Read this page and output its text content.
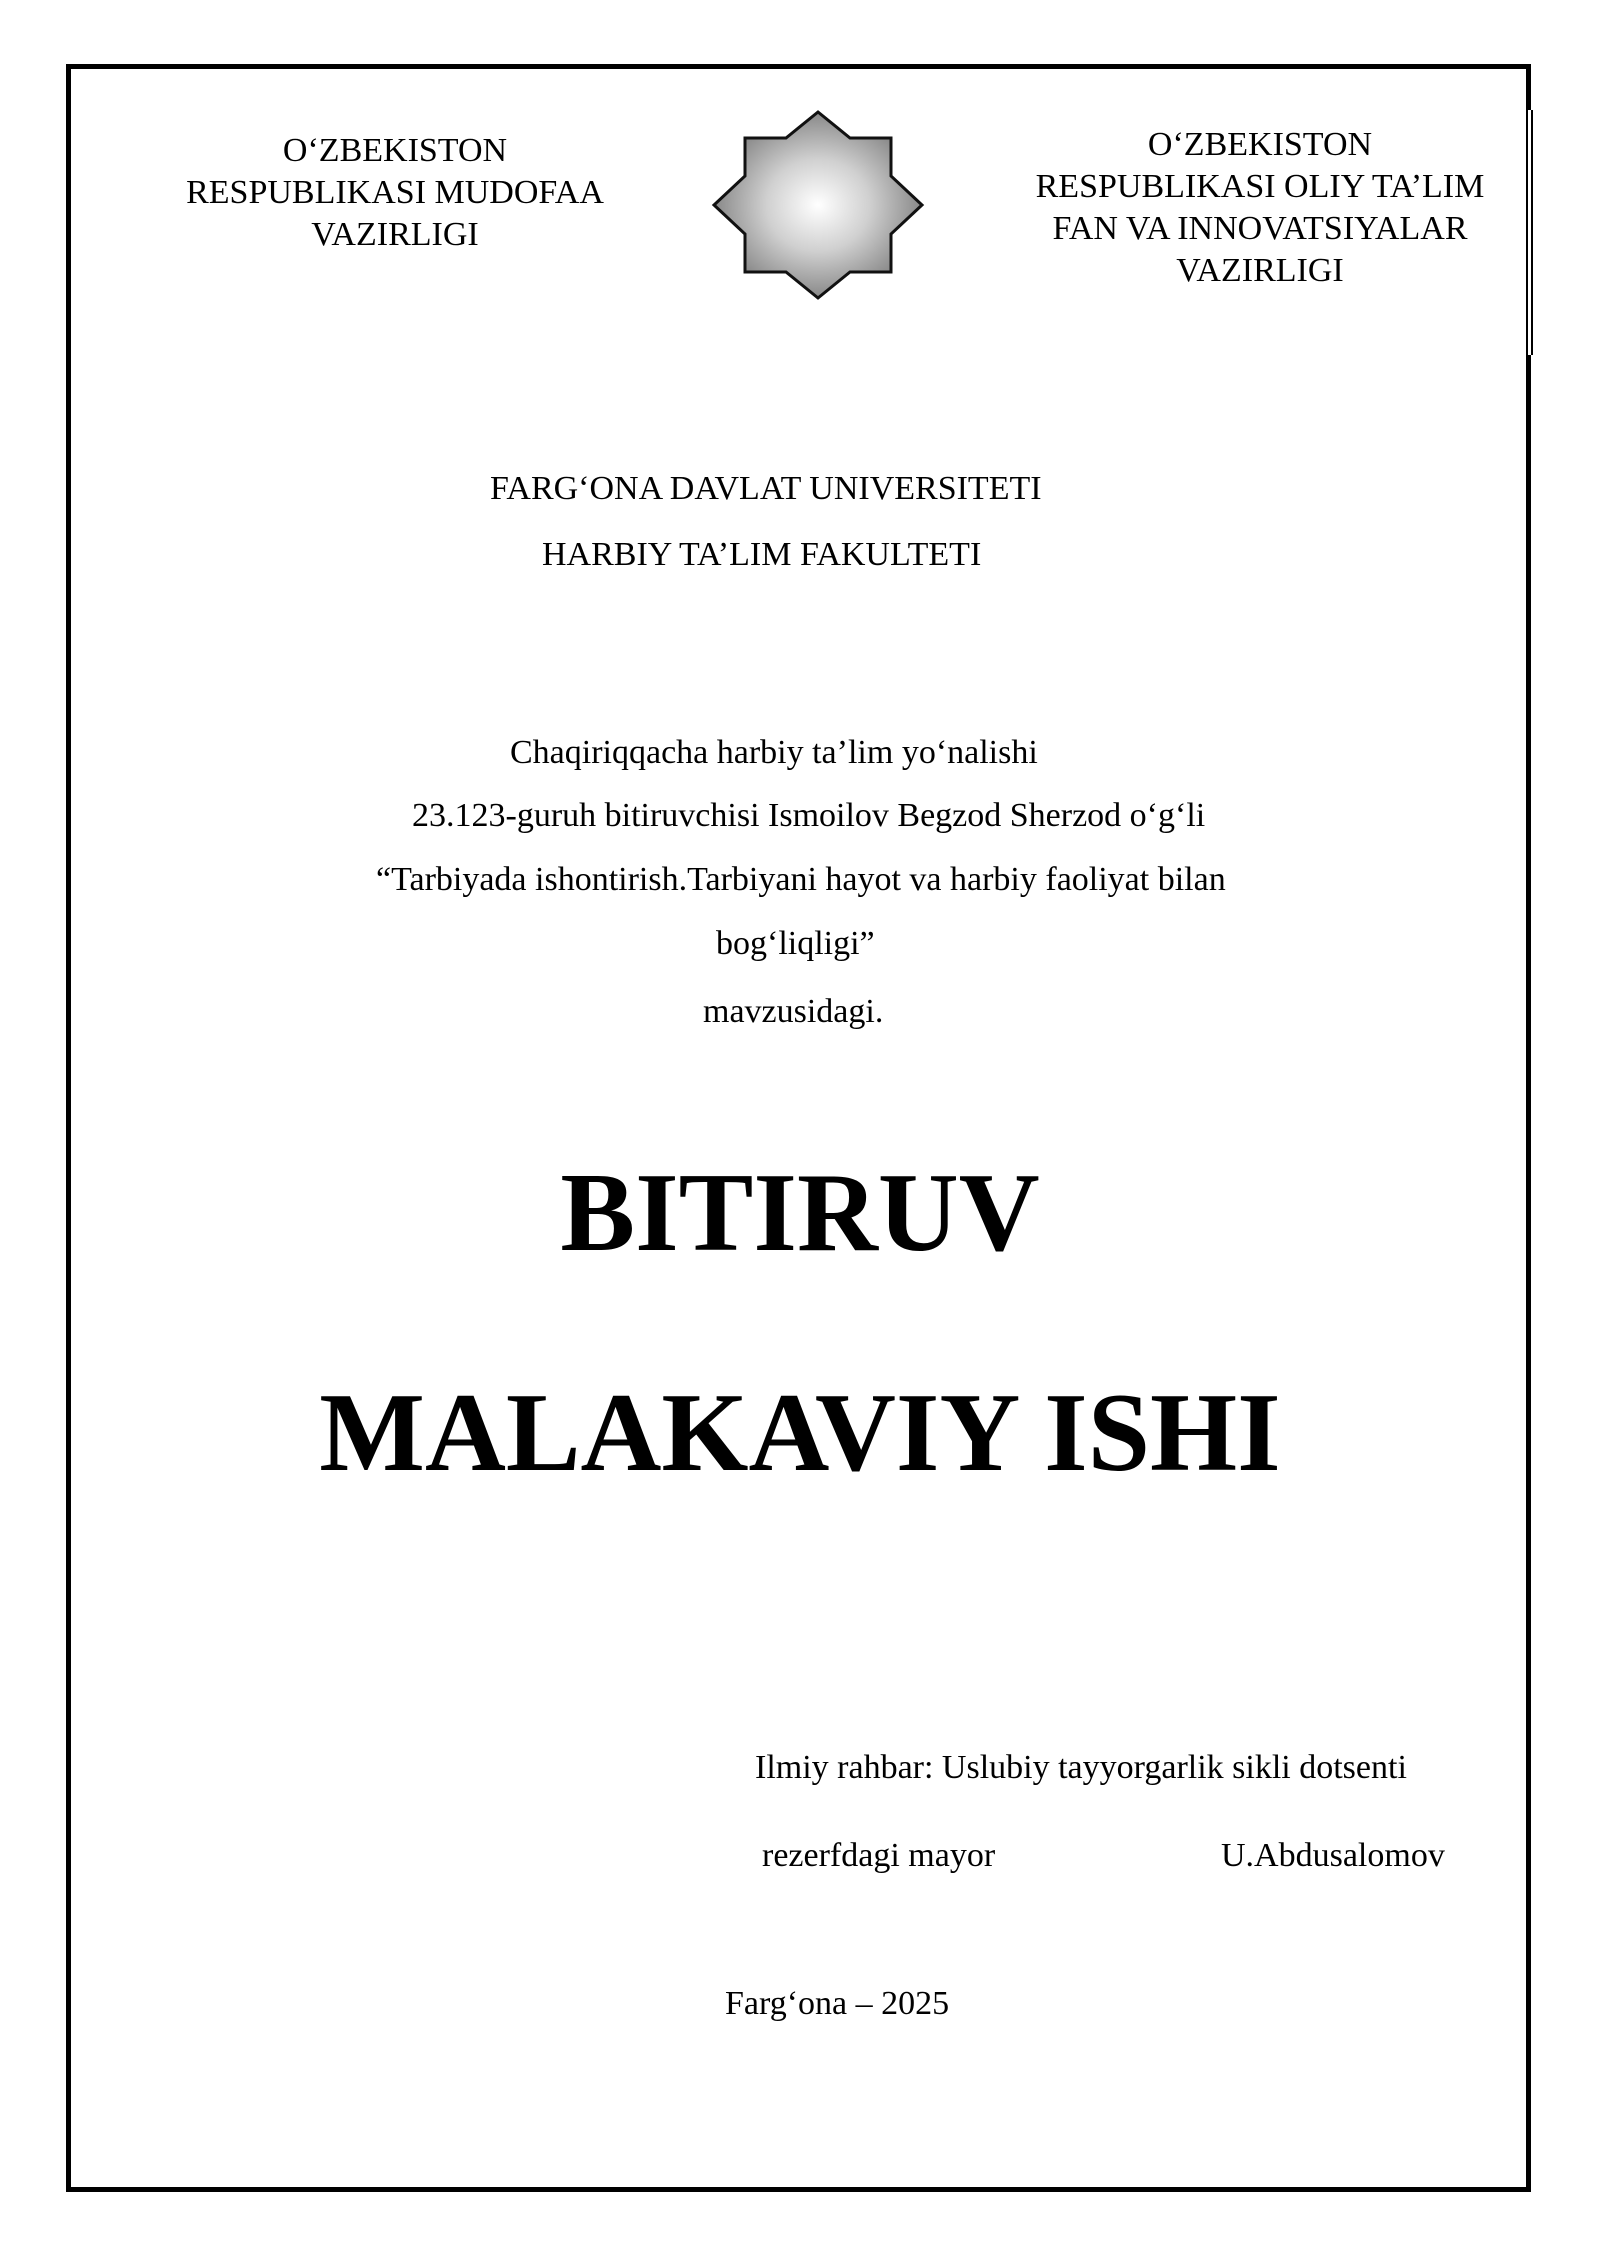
O‘ZBEKISTON
RESPUBLIKASI MUDOFAA
VAZIRLIGI
O‘ZBEKISTON
RESPUBLIKASI OLIY TA’LIM
FAN VA INNOVATSIYALAR
VAZIRLIGI
FARG‘ONA DAVLAT UNIVERSITETI
HARBIY TA’LIM FAKULTETI
Chaqiriqqacha harbiy ta’lim yo‘nalishi
23.123-guruh bitiruvchisi Ismoilov Begzod Sherzod o‘g‘li
“Tarbiyada ishontirish.Tarbiyani hayot va harbiy faoliyat bilan
bog‘liqligi”
mavzusidagi.
BITIRUV
MALAKAVIY ISHI
Ilmiy rahbar: Uslubiy tayyorgarlik sikli dotsenti
rezerfdagi mayor	U.Abdusalomov
Farg‘ona – 2025
